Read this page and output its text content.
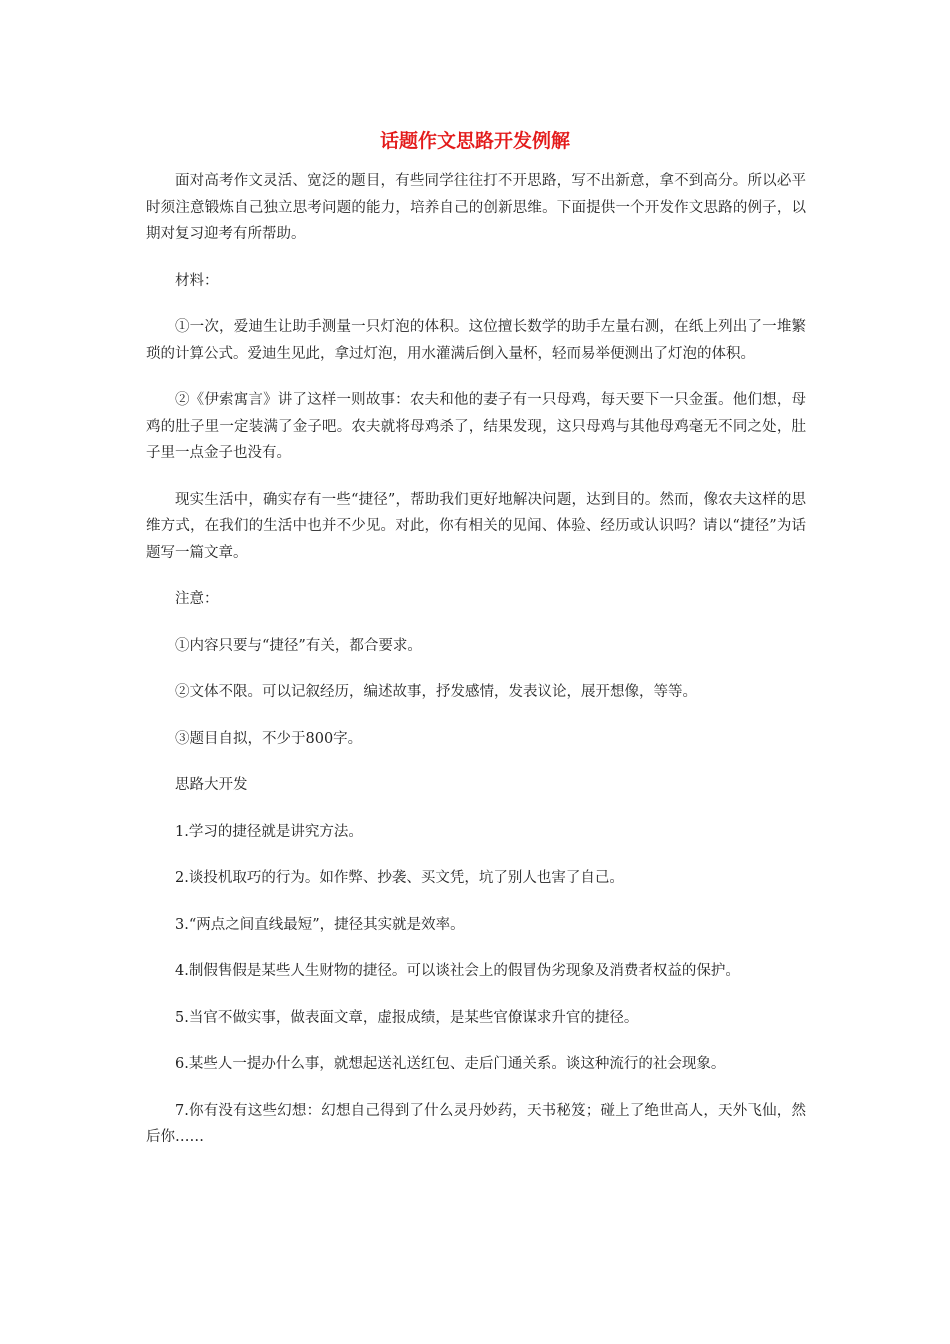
话题作文思路开发例解

面对高考作文灵活、宽泛的题目，有些同学往往打不开思路，写不出新意，拿不到高分。所以必平时须注意锻炼自己独立思考问题的能力，培养自己的创新思维。下面提供一个开发作文思路的例子，以期对复习迎考有所帮助。

材料：

①一次，爱迪生让助手测量一只灯泡的体积。这位擅长数学的助手左量右测，在纸上列出了一堆繁琐的计算公式。爱迪生见此，拿过灯泡，用水灌满后倒入量杯，轻而易举便测出了灯泡的体积。

②《伊索寓言》讲了这样一则故事：农夫和他的妻子有一只母鸡，每天要下一只金蛋。他们想，母鸡的肚子里一定装满了金子吧。农夫就将母鸡杀了，结果发现，这只母鸡与其他母鸡毫无不同之处，肚子里一点金子也没有。

现实生活中，确实存有一些“捷径”，帮助我们更好地解决问题，达到目的。然而，像农夫这样的思维方式，在我们的生活中也并不少见。对此，你有相关的见闻、体验、经历或认识吗？请以“捷径”为话题写一篇文章。

注意：

①内容只要与“捷径”有关，都合要求。

②文体不限。可以记叙经历，编述故事，抒发感情，发表议论，展开想像，等等。

③题目自拟，不少于800字。

思路大开发

1.学习的捷径就是讲究方法。

2.谈投机取巧的行为。如作弊、抄袭、买文凭，坑了别人也害了自己。

3.“两点之间直线最短”，捷径其实就是效率。

4.制假售假是某些人生财物的捷径。可以谈社会上的假冒伪劣现象及消费者权益的保护。

5.当官不做实事，做表面文章，虚报成绩，是某些官僚谋求升官的捷径。

6.某些人一提办什么事，就想起送礼送红包、走后门通关系。谈这种流行的社会现象。

7.你有没有这些幻想：幻想自己得到了什么灵丹妙药，天书秘笈；碰上了绝世高人，天外飞仙，然后你……
